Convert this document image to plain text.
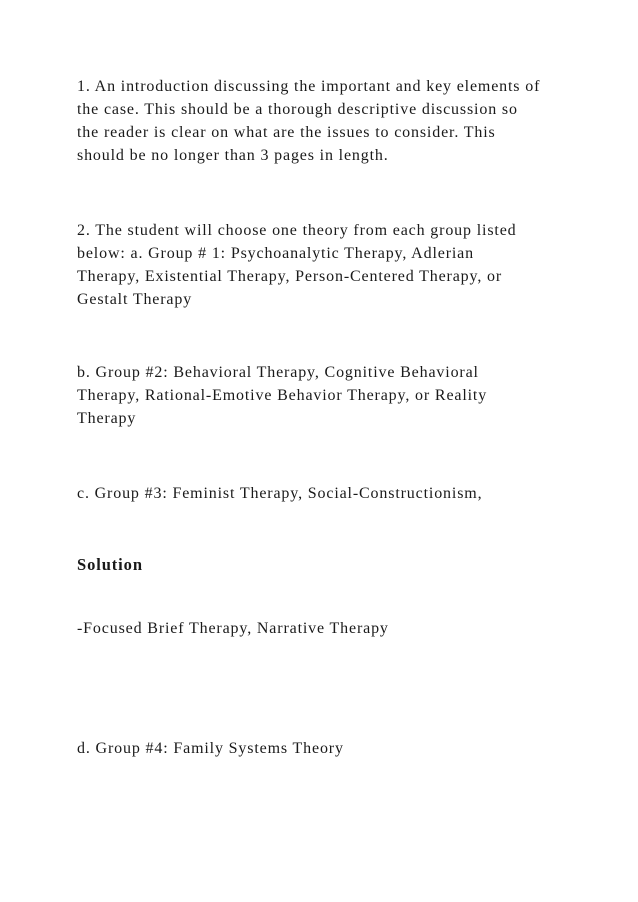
1. An introduction discussing the important and key elements of
the case. This should be a thorough descriptive discussion so
the reader is clear on what are the issues to consider. This
should be no longer than 3 pages in length.

2. The student will choose one theory from each group listed
below: a. Group # 1: Psychoanalytic Therapy, Adlerian
Therapy, Existential Therapy, Person-Centered Therapy, or
Gestalt Therapy

b. Group #2: Behavioral Therapy, Cognitive Behavioral
Therapy, Rational-Emotive Behavior Therapy, or Reality
Therapy

c. Group #3: Feminist Therapy, Social-Constructionism,

Solution

-Focused Brief Therapy, Narrative Therapy

d. Group #4: Family Systems Theory
